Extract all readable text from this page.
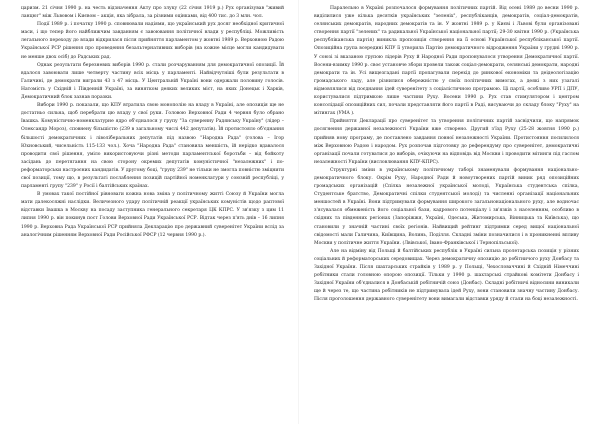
царизм. 21 січня 1990 р. на честь відзначення Акту про злуку (22 січня 1919 р.) Рух організував "живий ланцюг" між Львовом і Києвом – акція, яка зібрала, за різними оцінками, від 400 тис. до 3 млн. чол.

Події 1989 р. і початку 1990 р. сповнювали надіями, що український рух досяг необхідної критичної маси, і що тепер його найближчим завданням є завоювання політичної влади у республіці. Можливість легального переходу до влади відкрилася після прийняття парламентом у жовтні 1989 р. Верховною Радою Української РСР рішення про проведення безальтернативних виборів (на кожне місце могли кандидувати не менше двох осіб) до Радських рад.

Однак результати березневих виборів 1990 р. стали розчаруванням для демократичної опозиції. Їй вдалося завоювати лише четверту частину всіх місць у парламенті. Найвідчутніші були результати в Галичині, де демократи виграли 43 з 47 місць. У Центральній Україні вони одержали половину голосів. Натомість у Східній і Південній Україні, за винятком деяких великих міст, на яких Донецьк і Харків, Демократичний блок зазнав поразки.

Вибори 1990 р. показали, що КПУ втратила свою монополію на владу в Україні, але опозиція ще не достатньо сильна, щоб перебрати цю владу у свої руки. Головою Верховної Ради 4 червня було обрано Івашка. Комуністично-номенклатурне ядро об'єдналося у групу "За суверенну Радянську Україну" (лідер – Олександр Мороз), сповнену більшістю (239 в загальному числі 442 депутатів). Їй протистояло об'єднання більшості демократичних і ліволіберальних депутатів під назвою "Народна Рада" (голова – Ігор Юхновський, чисельність 115-133 чол.). Хоча "Народна Рада" становила меншість, їй нерідко вдавалося проводити свої рішення, уміло використовуючи різні методи парламентської боротьби – від бойкоту засідань до перетягання на свою сторону окремих депутатів комуністичної "незалежних" і по-реформаторськи настроєних кандидатів. У другому боці, "групу 239" не тільки не змогла повністю зміцнити свої позиції, тому що, в результаті послаблення позицій партійної номенклатури у союзній республіці, у парламенті групу "239" у Росії і балтійських країнах.

В умовах такої постійної рівноваги кожна нова зміна у політичному житті Союзу й України могла мати далекосяжні наслідки. Величезного удару політичній реакції українських комуністів щодо раптової відставки Івашка в Москву на посаду заступника генерального секретаря ЦК КПРС. У зв'язку з цим 11 липня 1990 р. він покинув пост Голови Верховної Ради Української РСР. Відтак через п'ять днів – 16 липня 1990 р. Верховна Рада Української РСР прийняла Декларацію про державний суверенітет України вслід за аналогічним рішенням Верховної Ради Російської РФСР (12 червня 1990 р.).

Паралельно в Україні розпочалося формування політичних партій. Від осені 1989 до весни 1990 р. виділилися уже кілька десятків українських "зеленіх", республіканців, демократів, соціал-демократів, селянських демократів, народних демократів та ін. У жовтні 1989 р. у Києві і Львові були організовані створення партії "зелених" та радикальної Української національної партії; 29-30 квітня 1990 р. (Українська республіканська партія) виникла пропозиція створення на її основі Української республіканської партії. Опозиційна група всередині КПУ її утворила Партію демократичного відродження України у грудні 1990 р. У союзі зі вказаною групою лідерів Руху й Народної Ради пропонувалося утворення Демократичної партії. Восени-взимку 1990 р. своє установче збори провели також соціал-демократи, селянські демократи, народні демократи та ін. Усі вищезгадані партії пропагували перехід до ринкової економіки та деідеологізацію громадського ладу, але різнилися обережністю у своїх політичних вимогах, а деякі з них узагалі відмовлялися від поєднання ідей суверенітету з соціалістичною програмою. Ці партії, особливо УРП і ДПУ, користувалися підтримкою лише частини Руху. Восени 1990 р. Рух став стимулятором і центром консолідації опозиційних сил, почали представляти його партії в Раді, висуваючи до складу блоку "Руху" на мітингах (УМА ).

Прийняття Декларації про суверенітет та утворення політичних партій засвідчили, що напрямок досягнення державної незалежності України вже створено. Другий з'їзд Руху (25-28 жовтня 1990 р.) прийняв нову програму, де поставлено завдання повної незалежності України. Протистояння посилилося між Верховною Радою і народом. Рух розпочав підготовку до референдуму про суверенітет, демократичні організації почали готуватися до виборів, очікуючи на відповідь від Москви і проводити мітинги під гаслом незалежності України (висловлювання КПУ-КПРС).

Структурні зміни в українському політичному таборі знаменували формування національно-демократичного блоку. Окрім Руху, Народної Ради й новоутворених партій виник ряд опозиційних громадських організацій (Спілка незалежної української молоді, Українська студентська спілка, Студентське братство, Демократичні спілки студентської молоді) та численні організації національних меншостей в Україні. Вони підтримували формування широкого загальнонаціонального руху, але водночас з'ясувалася обмеженість його соціальної бази, кадрового потенціалу і зв'язків з населенням, особливо в східних та південних регіонах (Запоріжжя, Україні, Одеська, Житомирська, Вінницька та Київська), що становили у значній частині своїх регіонів. Найвищий рейтинг підтримки серед вищої національної свідомості мали Галичина, Київщина, Волинь, Поділля. Складні зміни позначилися і в проникненні впливу Москви у політичне життя України. (Лвівської, Івано-Франківської і Тернопільської).

Але на відміну від Польщі й балтійських республік в Україні сильна пролетарська позиція у різних соціальних й реформаторських середовищах. Через демократичну опозицію до робітничого руху Донбасу та Західної України. Після шахтарських страйків у 1989 р. у Польщі, Чехословаччині й Східній Німеччині робітники стали головною опорою опозиції. Тільки у 1990 р. шахтарські страйкові комітети Донбасу і Західної України об'єдналися в Донбаській робітничій союз (Донбас). Складні робітничі відносини виникали ще й через те, що частина робітників не підтримувала ідей Руху, вони становили значну частину Донбасу. Після проголошення державного суверенітету вони вимагали відставки уряду й стали на боці незалежності.
